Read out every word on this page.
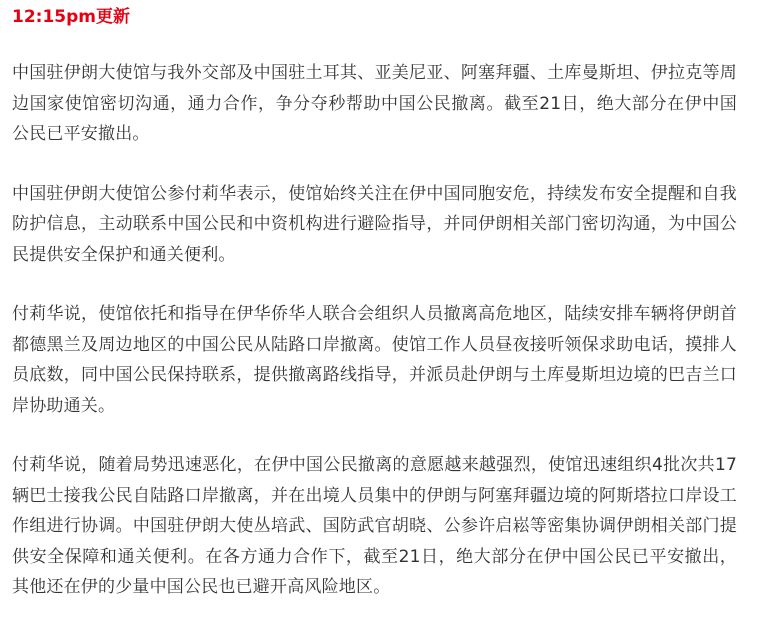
12:15pm更新

中国驻伊朗大使馆与我外交部及中国驻土耳其、亚美尼亚、阿塞拜疆、土库曼斯坦、伊拉克等周边国家使馆密切沟通，通力合作，争分夺秒帮助中国公民撤离。截至21日，绝大部分在伊中国公民已平安撤出。

中国驻伊朗大使馆公参付莉华表示，使馆始终关注在伊中国同胞安危，持续发布安全提醒和自我防护信息，主动联系中国公民和中资机构进行避险指导，并同伊朗相关部门密切沟通，为中国公民提供安全保护和通关便利。

付莉华说，使馆依托和指导在伊华侨华人联合会组织人员撤离高危地区，陆续安排车辆将伊朗首都德黑兰及周边地区的中国公民从陆路口岸撤离。使馆工作人员昼夜接听领保求助电话，摸排人员底数，同中国公民保持联系，提供撤离路线指导，并派员赴伊朗与土库曼斯坦边境的巴吉兰口岸协助通关。

付莉华说，随着局势迅速恶化，在伊中国公民撤离的意愿越来越强烈，使馆迅速组织4批次共17辆巴士接我公民自陆路口岸撤离，并在出境人员集中的伊朗与阿塞拜疆边境的阿斯塔拉口岸设工作组进行协调。中国驻伊朗大使丛培武、国防武官胡晓、公参许启崧等密集协调伊朗相关部门提供安全保障和通关便利。在各方通力合作下，截至21日，绝大部分在伊中国公民已平安撤出，其他还在伊的少量中国公民也已避开高风险地区。
